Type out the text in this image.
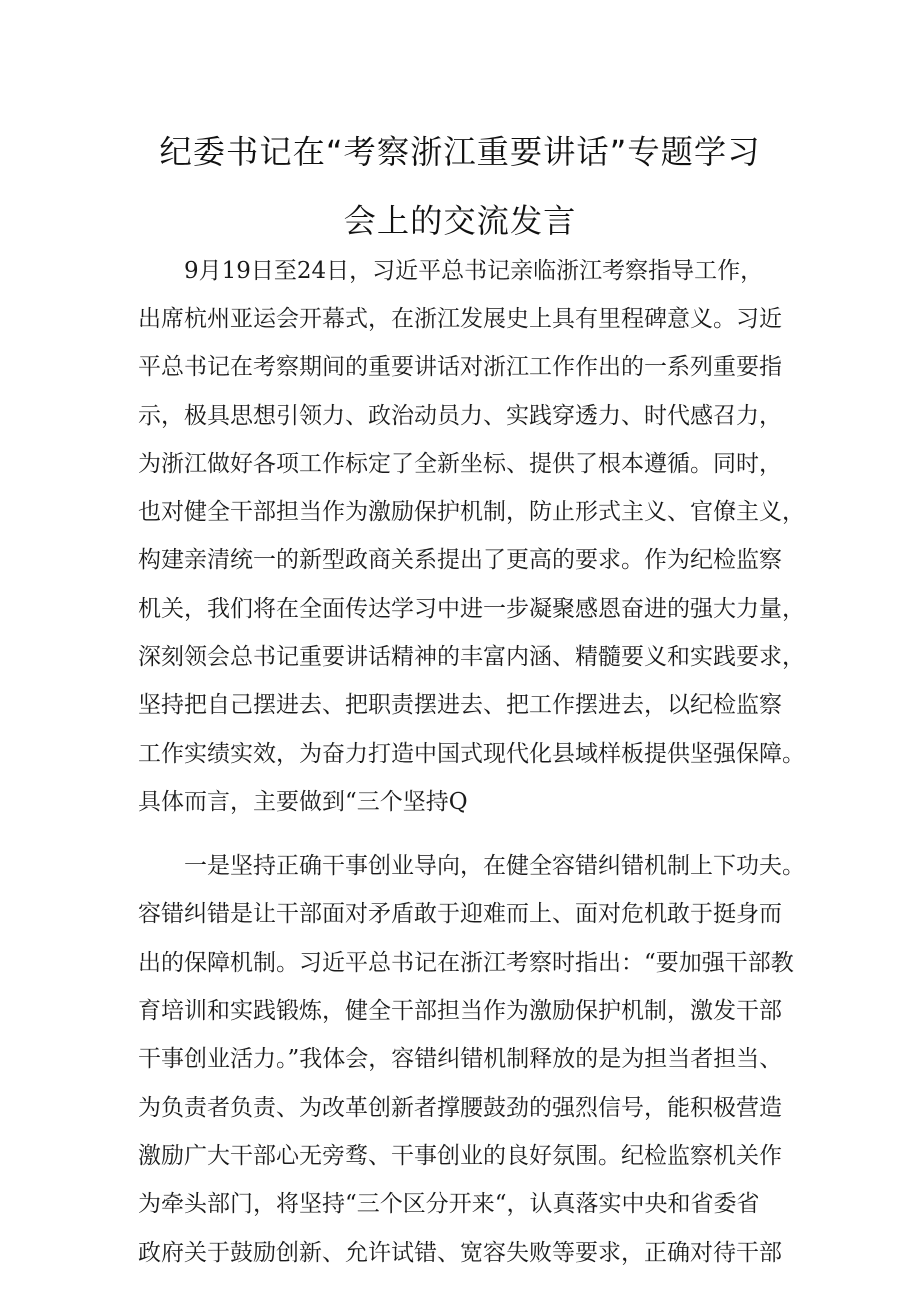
纪委书记在“考察浙江重要讲话”专题学习
会上的交流发言
9月19日至24日，习近平总书记亲临浙江考察指导工作，
出席杭州亚运会开幕式，在浙江发展史上具有里程碑意义。习近
平总书记在考察期间的重要讲话对浙江工作作出的一系列重要指
示，极具思想引领力、政治动员力、实践穿透力、时代感召力，
为浙江做好各项工作标定了全新坐标、提供了根本遵循。同时，
也对健全干部担当作为激励保护机制，防止形式主义、官僚主义，
构建亲清统一的新型政商关系提出了更高的要求。作为纪检监察
机关，我们将在全面传达学习中进一步凝聚感恩奋进的强大力量，
深刻领会总书记重要讲话精神的丰富内涵、精髓要义和实践要求，
坚持把自己摆进去、把职责摆进去、把工作摆进去，以纪检监察
工作实绩实效，为奋力打造中国式现代化县域样板提供坚强保障。
具体而言，主要做到“三个坚持Q
一是坚持正确干事创业导向，在健全容错纠错机制上下功夫。
容错纠错是让干部面对矛盾敢于迎难而上、面对危机敢于挺身而
出的保障机制。习近平总书记在浙江考察时指出：“要加强干部教
育培训和实践锻炼，健全干部担当作为激励保护机制，激发干部
干事创业活力。”我体会，容错纠错机制释放的是为担当者担当、
为负责者负责、为改革创新者撑腰鼓劲的强烈信号，能积极营造
激励广大干部心无旁骛、干事创业的良好氛围。纪检监察机关作
为牵头部门，将坚持“三个区分开来“，认真落实中央和省委省
政府关于鼓励创新、允许试错、宽容失败等要求，正确对待干部
